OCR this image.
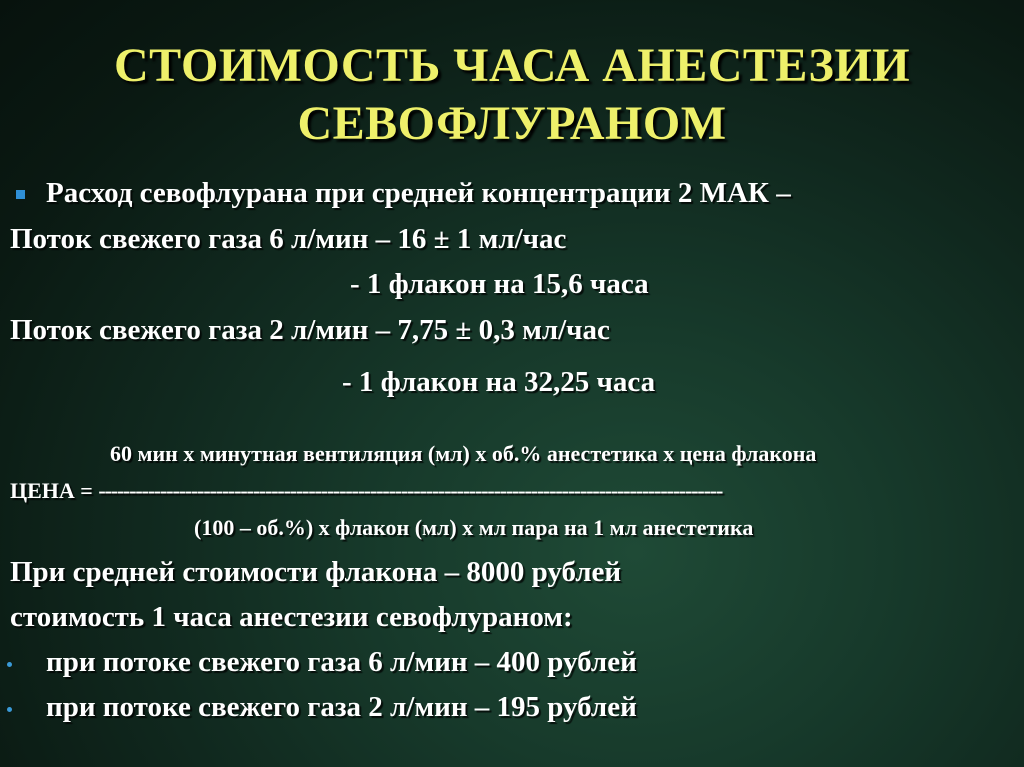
СТОИМОСТЬ ЧАСА АНЕСТЕЗИИ
СЕВОФЛУРАНОМ
Расход севофлурана при средней концентрации 2 МАК –
Поток свежего газа 6 л/мин – 16 ± 1 мл/час
- 1 флакон на 15,6 часа
Поток свежего газа 2 л/мин – 7,75 ± 0,3 мл/час
- 1 флакон на 32,25 часа
60 мин х минутная вентиляция (мл) х об.% анестетика х цена флакона
ЦЕНА = -----------------------------------------------------------------------------------------------------
(100 – об.%) х флакон (мл) х мл пара на 1 мл анестетика
При средней стоимости флакона – 8000 рублей
стоимость 1 часа анестезии севофлураном:
при потоке свежего газа 6 л/мин – 400 рублей
при потоке свежего газа 2 л/мин – 195 рублей
